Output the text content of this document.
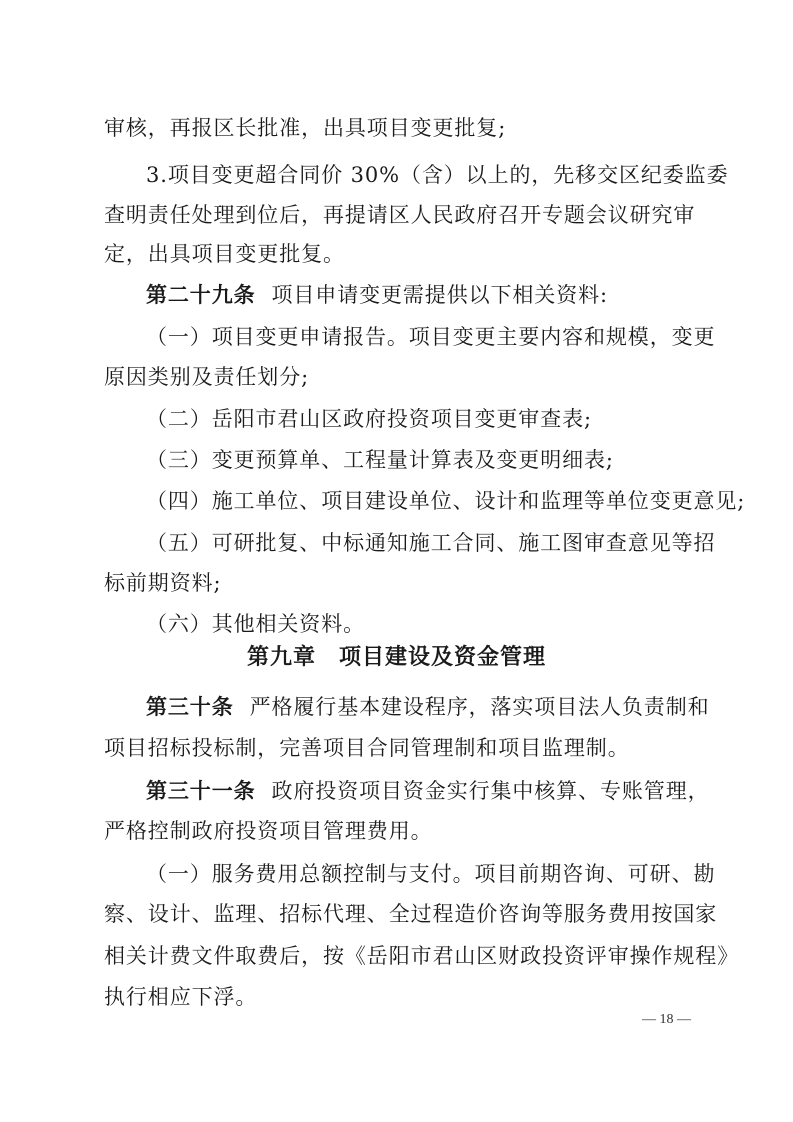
审核，再报区长批准，出具项目变更批复;
3.项目变更超合同价 30%（含）以上的，先移交区纪委监委
查明责任处理到位后，再提请区人民政府召开专题会议研究审
定，出具项目变更批复。
第二十九条 项目申请变更需提供以下相关资料:
（一）项目变更申请报告。项目变更主要内容和规模，变更
原因类别及责任划分;
（二）岳阳市君山区政府投资项目变更审查表;
（三）变更预算单、工程量计算表及变更明细表;
（四）施工单位、项目建设单位、设计和监理等单位变更意见;
（五）可研批复、中标通知施工合同、施工图审查意见等招
标前期资料;
（六）其他相关资料。
第九章　项目建设及资金管理
第三十条 严格履行基本建设程序，落实项目法人负责制和
项目招标投标制，完善项目合同管理制和项目监理制。
第三十一条 政府投资项目资金实行集中核算、专账管理，
严格控制政府投资项目管理费用。
（一）服务费用总额控制与支付。项目前期咨询、可研、勘
察、设计、监理、招标代理、全过程造价咨询等服务费用按国家
相关计费文件取费后，按《岳阳市君山区财政投资评审操作规程》
执行相应下浮。
— 18 —
